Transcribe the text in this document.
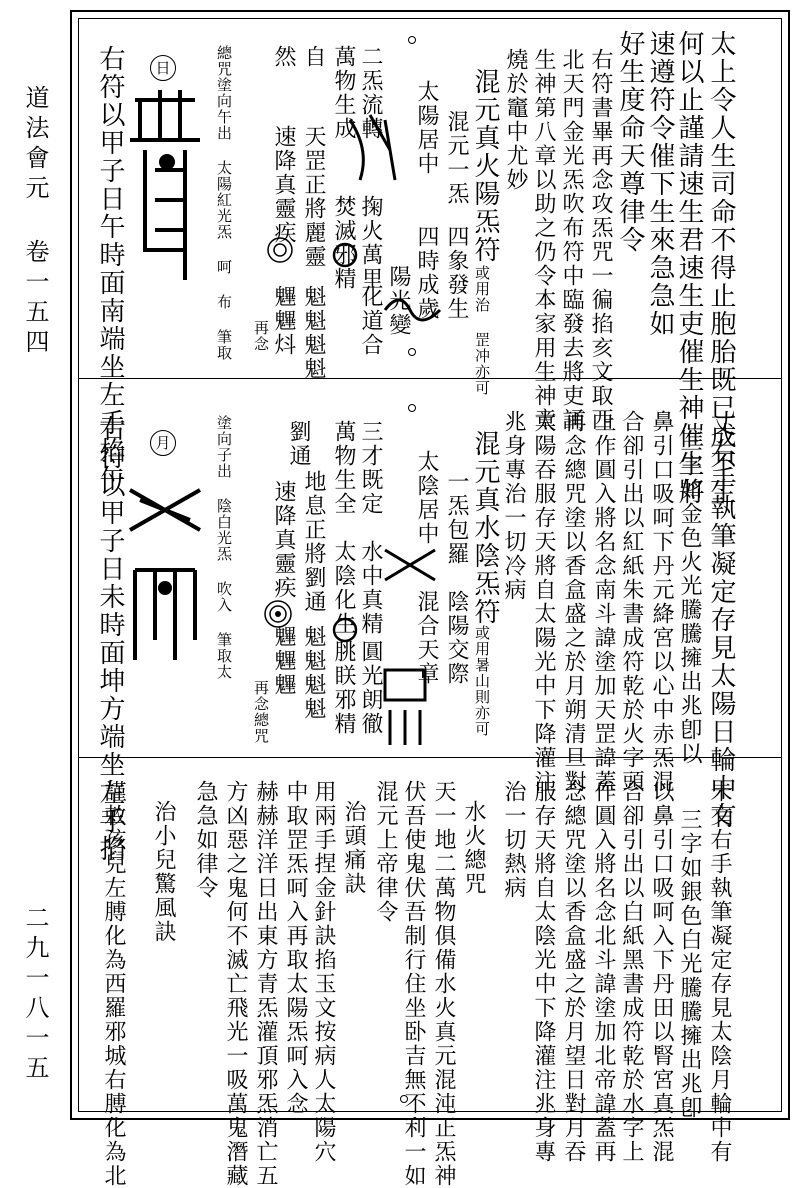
道法會元 卷一五四
二九一八一五
太上令人生司命不得止胞胎既已成不生
何以止謹請速生君速生吏催生神催生將
速遵符令催下生來急急如
好生度命天尊律令
右符書畢再念攻炁咒一徧掐亥文取西
北天門金光炁吹布符中臨發去將吏誦
生神第八章以助之仍令本家用生神章
燒於竈中尤妙
混元真火陽炁符
或用治 罡冲亦可
混元一炁
四象發生
太陽居中
四時成歲
陽光變
二炁流轉
掬火萬里
化道合
萬物生成
焚滅邪精
自
天罡正將麗靈
魁魁魁魁
然
速降真靈疾
魓魓炓
再念
總咒塗向午出 太陽紅光炁 呵 布 筆取
右符以甲子日午時面南端坐左手掐午	日
丈右手執筆凝定存見太陽日輪中有
三字如金色火光騰騰擁出兆卽以
鼻引口吸呵下丹元絳宮以心中赤炁混
合卻引出以紅紙朱書成符乾於火字頭
上作圓入將名念南斗諱塗加天罡諱蓋
再念總咒塗以香盒盛之於月朔清旦對
太陽吞服存天將自太陽光中下降灌注
兆身專治一切冷病
混元真水陰炁符
或用暑山則亦可
一炁包羅
陰陽交際
太陰居中
混合天章
三才既定
水中真精
圓光朗徹
萬物生全
太陰化生
朓眹邪精
劉通
地息正將劉通
魁魁魁魁
速降真靈疾
魓魓魓
再念總咒
塗向子出 陰白光炁 吹入 筆取太
右符以甲子日未時面坤方端坐左手掐	月
未文右手執筆凝定存見太陰月輪中有
三字如銀色白光騰騰擁出兆卽
以鼻引口吸呵入下丹田以腎宮真炁混
合卻引出以白紙黑書成符乾於水字上
作圓入將名念北斗諱塗加北帝諱蓋再
念總咒塗以香盒盛之於月望日對月吞
服存天將自太陰光中下降灌注兆身專
治一切熱病
水火總咒
天一地二萬物俱備水火真元混沌正炁神
伏吾使鬼伏吾制行住坐卧吉無不利一如
混元上帝律令
治頭痛訣
用兩手捏金針訣掐玉文按病人太陽穴
中取罡炁呵入再取太陽炁呵入念
赫赫洋洋日出東方青炁灌頂邪炁消亡五
方凶惡之鬼何不滅亡飛光一吸萬鬼潛藏
急急如律令
治小兒驚風訣
謹敕孩兒左膊化為西羅邪城右膊化為北
